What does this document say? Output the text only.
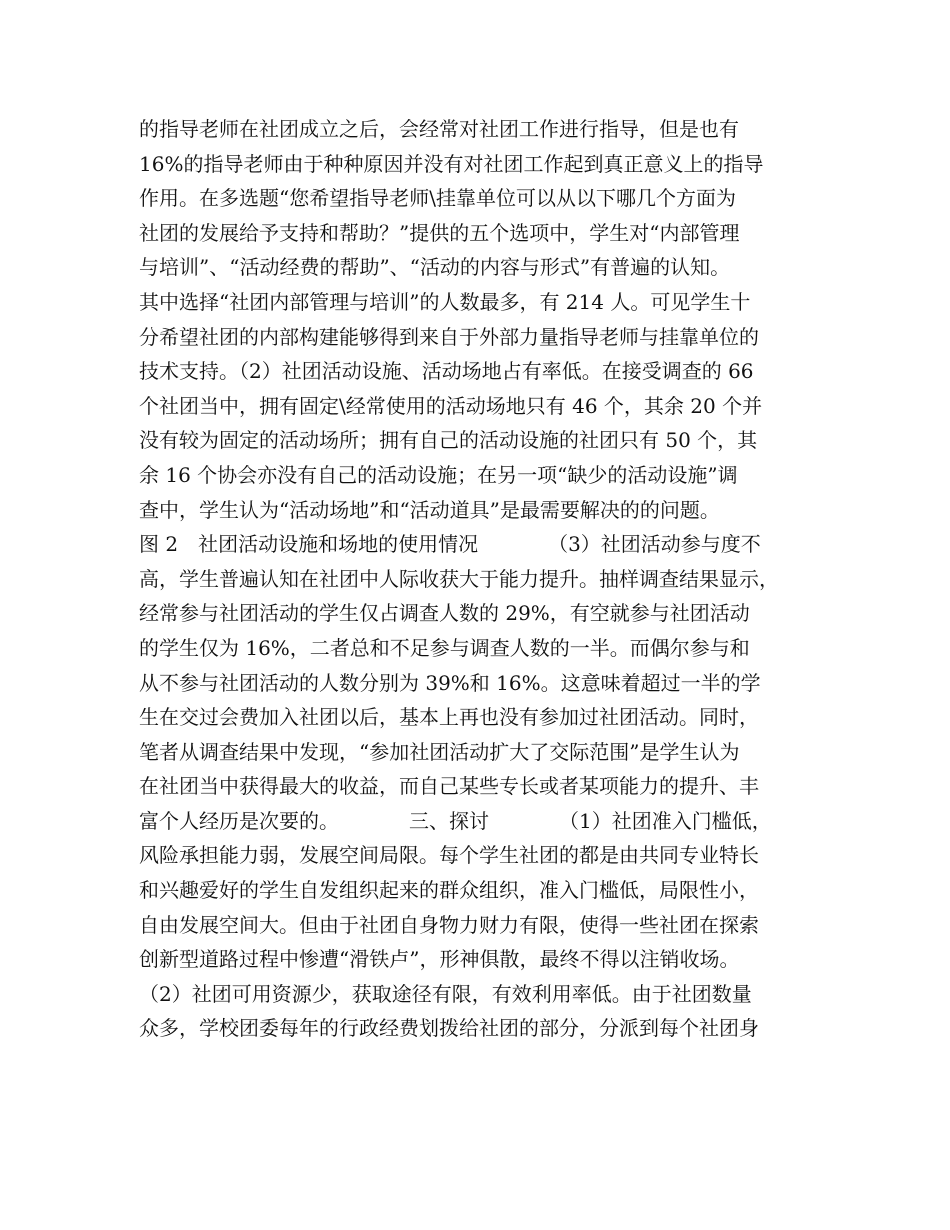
的指导老师在社团成立之后，会经常对社团工作进行指导，但是也有
16%的指导老师由于种种原因并没有对社团工作起到真正意义上的指导
作用。在多选题“您希望指导老师\挂靠单位可以从以下哪几个方面为
社团的发展给予支持和帮助？”提供的五个选项中，学生对“内部管理
与培训”、“活动经费的帮助”、“活动的内容与形式”有普遍的认知。
其中选择“社团内部管理与培训”的人数最多，有 214 人。可见学生十
分希望社团的内部构建能够得到来自于外部力量指导老师与挂靠单位的
技术支持。（2）社团活动设施、活动场地占有率低。在接受调查的 66
个社团当中，拥有固定\经常使用的活动场地只有 46 个，其余 20 个并
没有较为固定的活动场所；拥有自己的活动设施的社团只有 50 个，其
余 16 个协会亦没有自己的活动设施；在另一项“缺少的活动设施”调
查中，学生认为“活动场地”和“活动道具”是最需要解决的的问题。
图 2　社团活动设施和场地的使用情况　　　　（3）社团活动参与度不
高，学生普遍认知在社团中人际收获大于能力提升。抽样调查结果显示，
经常参与社团活动的学生仅占调查人数的 29%，有空就参与社团活动
的学生仅为 16%，二者总和不足参与调查人数的一半。而偶尔参与和
从不参与社团活动的人数分别为 39%和 16%。这意味着超过一半的学
生在交过会费加入社团以后，基本上再也没有参加过社团活动。同时，
笔者从调查结果中发现，“参加社团活动扩大了交际范围”是学生认为
在社团当中获得最大的收益，而自己某些专长或者某项能力的提升、丰
富个人经历是次要的。　　　　三、探讨　　　　（1）社团准入门槛低，
风险承担能力弱，发展空间局限。每个学生社团的都是由共同专业特长
和兴趣爱好的学生自发组织起来的群众组织，准入门槛低，局限性小，
自由发展空间大。但由于社团自身物力财力有限，使得一些社团在探索
创新型道路过程中惨遭“滑铁卢”，形神俱散，最终不得以注销收场。
（2）社团可用资源少，获取途径有限，有效利用率低。由于社团数量
众多，学校团委每年的行政经费划拨给社团的部分，分派到每个社团身
